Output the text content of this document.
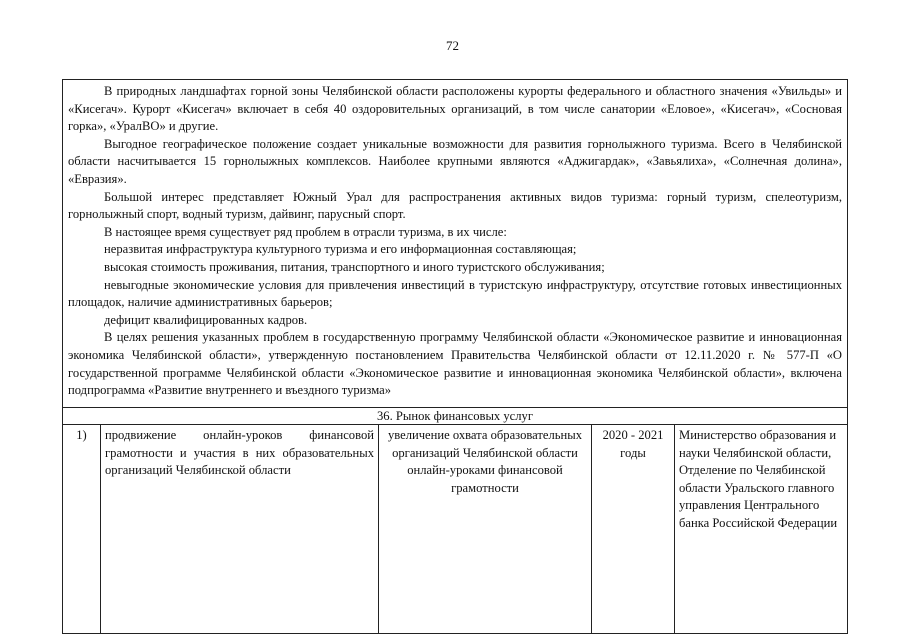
72

В природных ландшафтах горной зоны Челябинской области расположены курорты федерального и областного значения «Увильды» и «Кисегач». Курорт «Кисегач» включает в себя 40 оздоровительных организаций, в том числе санатории «Еловое», «Кисегач», «Сосновая горка», «УралВО» и другие.

Выгодное географическое положение создает уникальные возможности для развития горнолыжного туризма. Всего в Челябинской области насчитывается 15 горнолыжных комплексов. Наиболее крупными являются «Аджигардак», «Завьялиха», «Солнечная долина», «Евразия».

Большой интерес представляет Южный Урал для распространения активных видов туризма: горный туризм, спелеотуризм, горнолыжный спорт, водный туризм, дайвинг, парусный спорт.

В настоящее время существует ряд проблем в отрасли туризма, в их числе:

неразвитая инфраструктура культурного туризма и его информационная составляющая;

высокая стоимость проживания, питания, транспортного и иного туристского обслуживания;

невыгодные экономические условия для привлечения инвестиций в туристскую инфраструктуру, отсутствие готовых инвестиционных площадок, наличие административных барьеров;

дефицит квалифицированных кадров.

В целях решения указанных проблем в государственную программу Челябинской области «Экономическое развитие и инновационная экономика Челябинской области», утвержденную постановлением Правительства Челябинской области от 12.11.2020 г. № 577-П «О государственной программе Челябинской области «Экономическое развитие и инновационная экономика Челябинской области», включена подпрограмма «Развитие внутреннего и въездного туризма»

36. Рынок финансовых услуг
1)	продвижение онлайн-уроков финансовой грамотности и участия в них образовательных организаций Челябинской области
увеличение охвата образовательных организаций Челябинской области онлайн-уроками финансовой грамотности
2020 - 2021 годы
Министерство образования и науки Челябинской области, Отделение по Челябинской области Уральского главного управления Центрального банка Российской Федерации
